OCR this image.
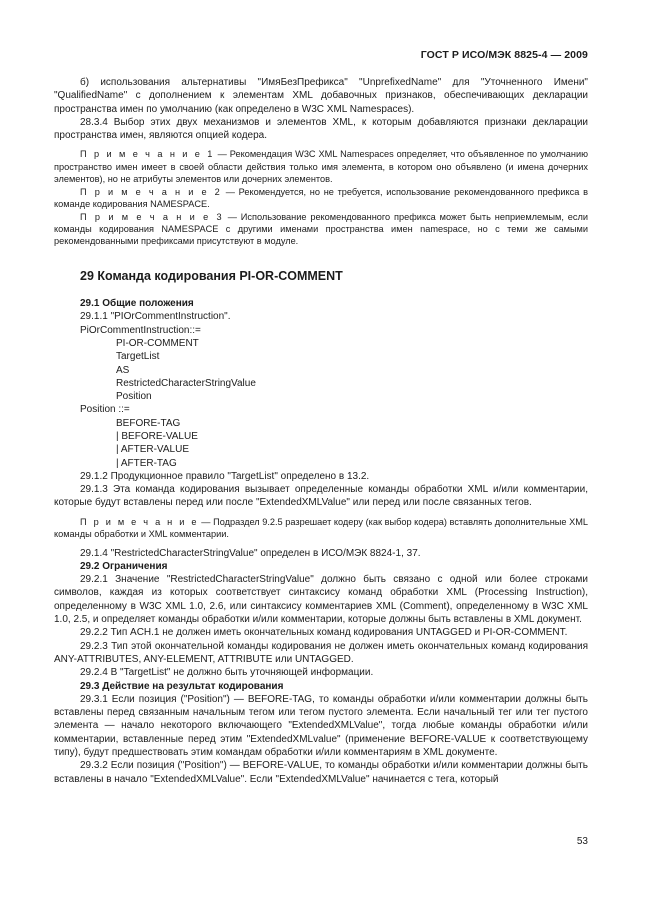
ГОСТ Р ИСО/МЭК 8825-4 — 2009

б) использования альтернативы "ИмяБезПрефикса" "UnprefixedName" для "Уточненного Имени" "QualifiedName" с дополнением к элементам XML добавочных признаков, обеспечивающих декларации пространства имен по умолчанию (как определено в W3C XML Namespaces).

28.3.4 Выбор этих двух механизмов и элементов XML, к которым добавляются признаки декларации пространства имен, являются опцией кодера.

П р и м е ч а н и е 1 — Рекомендация W3C XML Namespaces определяет, что объявленное по умолчанию пространство имен имеет в своей области действия только имя элемента, в котором оно объявлено (и имена дочерних элементов), но не атрибуты элементов или дочерних элементов.

П р и м е ч а н и е 2 — Рекомендуется, но не требуется, использование рекомендованного префикса в команде кодирования NAMESPACE.

П р и м е ч а н и е 3 — Использование рекомендованного префикса может быть неприемлемым, если команды кодирования NAMESPACE с другими именами пространства имен namespace, но с теми же самыми рекомендованными префиксами присутствуют в модуле.

29 Команда кодирования PI-OR-COMMENT

29.1 Общие положения

29.1.1 "PIOrCommentInstruction".

PiOrCommentInstruction::=

PI-OR-COMMENT

TargetList

AS

RestrictedCharacterStringValue

Position

Position ::=

BEFORE-TAG

| BEFORE-VALUE

| AFTER-VALUE

| AFTER-TAG

29.1.2 Продукционное правило "TargetList" определено в 13.2.

29.1.3 Эта команда кодирования вызывает определенные команды обработки XML и/или комментарии, которые будут вставлены перед или после "ExtendedXMLValue" или перед или после связанных тегов.

П р и м е ч а н и е — Подраздел 9.2.5 разрешает кодеру (как выбор кодера) вставлять дополнительные XML команды обработки и XML комментарии.

29.1.4 "RestrictedCharacterStringValue" определен в ИСО/МЭК 8824-1, 37.

29.2 Ограничения

29.2.1 Значение "RestrictedCharacterStringValue" должно быть связано с одной или более строками символов, каждая из которых соответствует синтаксису команд обработки XML (Processing Instruction), определенному в W3C XML 1.0, 2.6, или синтаксису комментариев XML (Comment), определенному в W3C XML 1.0, 2.5, и определяет команды обработки и/или комментарии, которые должны быть вставлены в XML документ.

29.2.2 Тип ACH.1 не должен иметь окончательных команд кодирования UNTAGGED и PI-OR-COMMENT.

29.2.3 Тип этой окончательной команды кодирования не должен иметь окончательных команд кодирования ANY-ATTRIBUTES, ANY-ELEMENT, ATTRIBUTE или UNTAGGED.

29.2.4 В "TargetList" не должно быть уточняющей информации.

29.3 Действие на результат кодирования

29.3.1 Если позиция ("Position") — BEFORE-TAG, то команды обработки и/или комментарии должны быть вставлены перед связанным начальным тегом или тегом пустого элемента. Если начальный тег или тег пустого элемента — начало некоторого включающего "ExtendedXMLValue", тогда любые команды обработки и/или комментарии, вставленные перед этим "ExtendedXMLvalue" (применение BEFORE-VALUE к соответствующему типу), будут предшествовать этим командам обработки и/или комментариям в XML документе.

29.3.2 Если позиция ("Position") — BEFORE-VALUE, то команды обработки и/или комментарии должны быть вставлены в начало "ExtendedXMLValue". Если "ExtendedXMLValue" начинается с тега, который

53
